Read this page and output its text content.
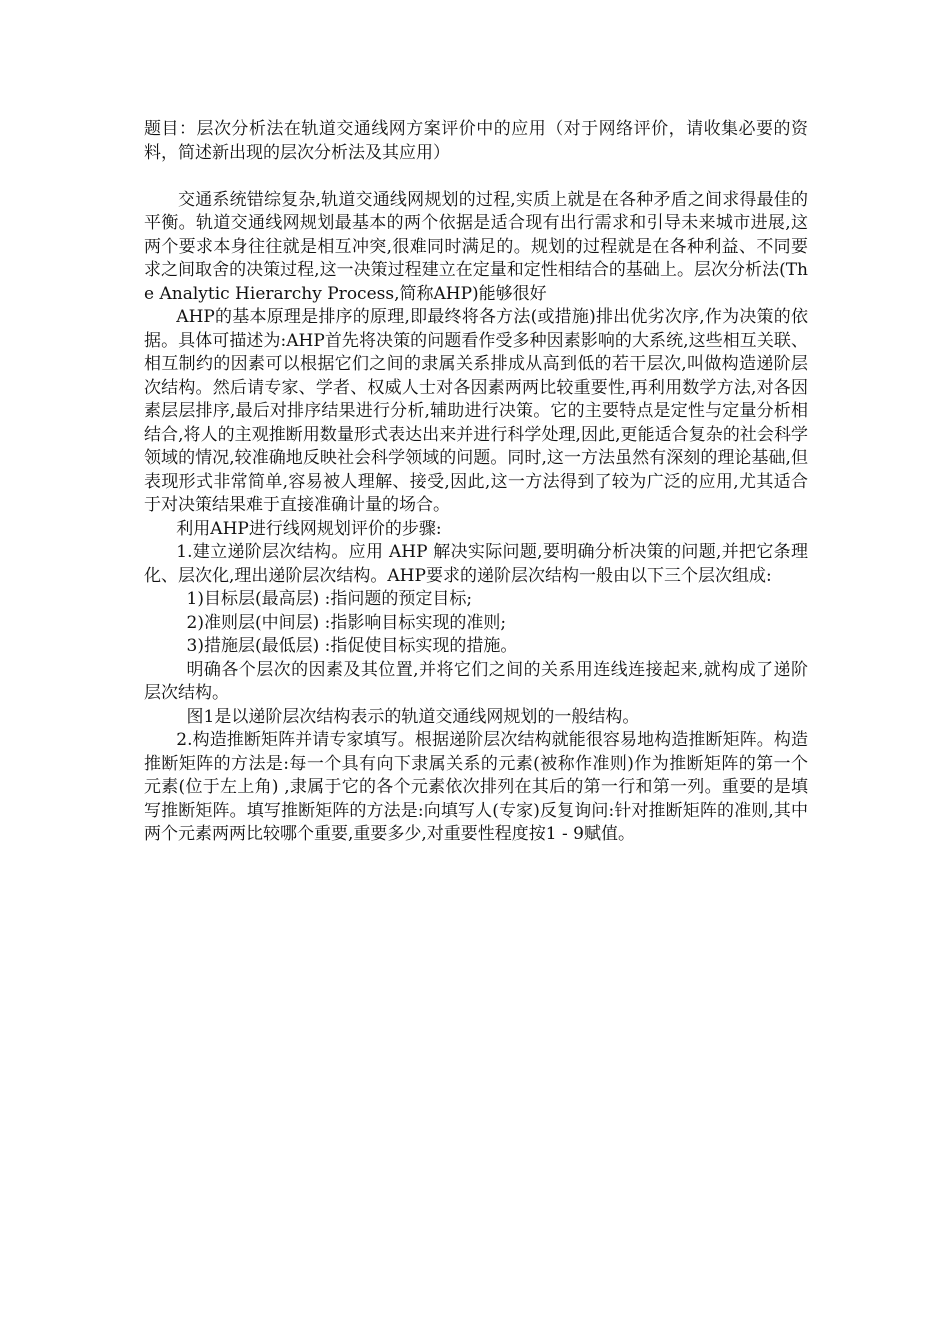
题目：层次分析法在轨道交通线网方案评价中的应用（对于网络评价，请收集必要的资料，简述新出现的层次分析法及其应用）

交通系统错综复杂,轨道交通线网规划的过程,实质上就是在各种矛盾之间求得最佳的平衡。轨道交通线网规划最基本的两个依据是适合现有出行需求和引导未来城市进展,这两个要求本身往往就是相互冲突,很难同时满足的。规划的过程就是在各种利益、不同要求之间取舍的决策过程,这一决策过程建立在定量和定性相结合的基础上。层次分析法(The Analytic Hierarchy Process,简称AHP)能够很好

AHP的基本原理是排序的原理,即最终将各方法(或措施)排出优劣次序,作为决策的依据。具体可描述为:AHP首先将决策的问题看作受多种因素影响的大系统,这些相互关联、相互制约的因素可以根据它们之间的隶属关系排成从高到低的若干层次,叫做构造递阶层次结构。然后请专家、学者、权威人士对各因素两两比较重要性,再利用数学方法,对各因素层层排序,最后对排序结果进行分析,辅助进行决策。它的主要特点是定性与定量分析相结合,将人的主观推断用数量形式表达出来并进行科学处理,因此,更能适合复杂的社会科学领域的情况,较准确地反映社会科学领域的问题。同时,这一方法虽然有深刻的理论基础,但表现形式非常简单,容易被人理解、接受,因此,这一方法得到了较为广泛的应用,尤其适合于对决策结果难于直接准确计量的场合。

利用AHP进行线网规划评价的步骤:

1.建立递阶层次结构。应用 AHP 解决实际问题,要明确分析决策的问题,并把它条理化、层次化,理出递阶层次结构。AHP要求的递阶层次结构一般由以下三个层次组成:

1)目标层(最高层) :指问题的预定目标;

2)准则层(中间层) :指影响目标实现的准则;

3)措施层(最低层) :指促使目标实现的措施。

明确各个层次的因素及其位置,并将它们之间的关系用连线连接起来,就构成了递阶层次结构。

图1是以递阶层次结构表示的轨道交通线网规划的一般结构。

2.构造推断矩阵并请专家填写。根据递阶层次结构就能很容易地构造推断矩阵。构造推断矩阵的方法是:每一个具有向下隶属关系的元素(被称作准则)作为推断矩阵的第一个元素(位于左上角) ,隶属于它的各个元素依次排列在其后的第一行和第一列。重要的是填写推断矩阵。填写推断矩阵的方法是:向填写人(专家)反复询问:针对推断矩阵的准则,其中两个元素两两比较哪个重要,重要多少,对重要性程度按1 - 9赋值。
